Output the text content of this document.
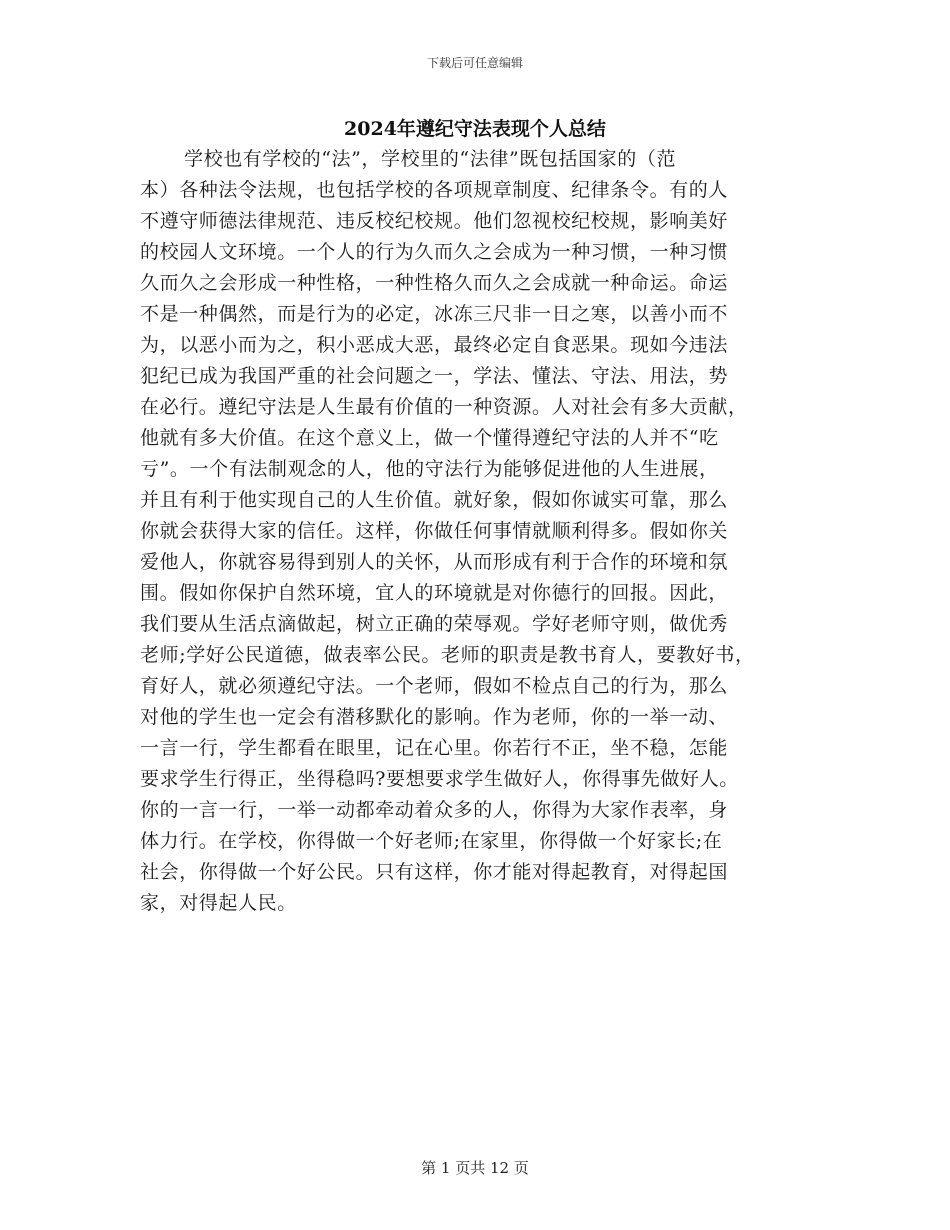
下载后可任意编辑
2024年遵纪守法表现个人总结
学校也有学校的“法”，学校里的“法律”既包括国家的（范
本）各种法令法规，也包括学校的各项规章制度、纪律条令。有的人
不遵守师德法律规范、违反校纪校规。他们忽视校纪校规，影响美好
的校园人文环境。一个人的行为久而久之会成为一种习惯，一种习惯
久而久之会形成一种性格，一种性格久而久之会成就一种命运。命运
不是一种偶然，而是行为的必定，冰冻三尺非一日之寒，以善小而不
为，以恶小而为之，积小恶成大恶，最终必定自食恶果。现如今违法
犯纪已成为我国严重的社会问题之一，学法、懂法、守法、用法，势
在必行。遵纪守法是人生最有价值的一种资源。人对社会有多大贡献，
他就有多大价值。在这个意义上，做一个懂得遵纪守法的人并不“吃
亏”。一个有法制观念的人，他的守法行为能够促进他的人生进展，
并且有利于他实现自己的人生价值。就好象，假如你诚实可靠，那么
你就会获得大家的信任。这样，你做任何事情就顺利得多。假如你关
爱他人，你就容易得到别人的关怀，从而形成有利于合作的环境和氛
围。假如你保护自然环境，宜人的环境就是对你德行的回报。因此，
我们要从生活点滴做起，树立正确的荣辱观。学好老师守则，做优秀
老师;学好公民道德，做表率公民。老师的职责是教书育人，要教好书，
育好人，就必须遵纪守法。一个老师，假如不检点自己的行为，那么
对他的学生也一定会有潜移默化的影响。作为老师，你的一举一动、
一言一行，学生都看在眼里，记在心里。你若行不正，坐不稳，怎能
要求学生行得正，坐得稳吗?要想要求学生做好人，你得事先做好人。
你的一言一行，一举一动都牵动着众多的人，你得为大家作表率，身
体力行。在学校，你得做一个好老师;在家里，你得做一个好家长;在
社会，你得做一个好公民。只有这样，你才能对得起教育，对得起国
家，对得起人民。
第 1 页共 12 页
